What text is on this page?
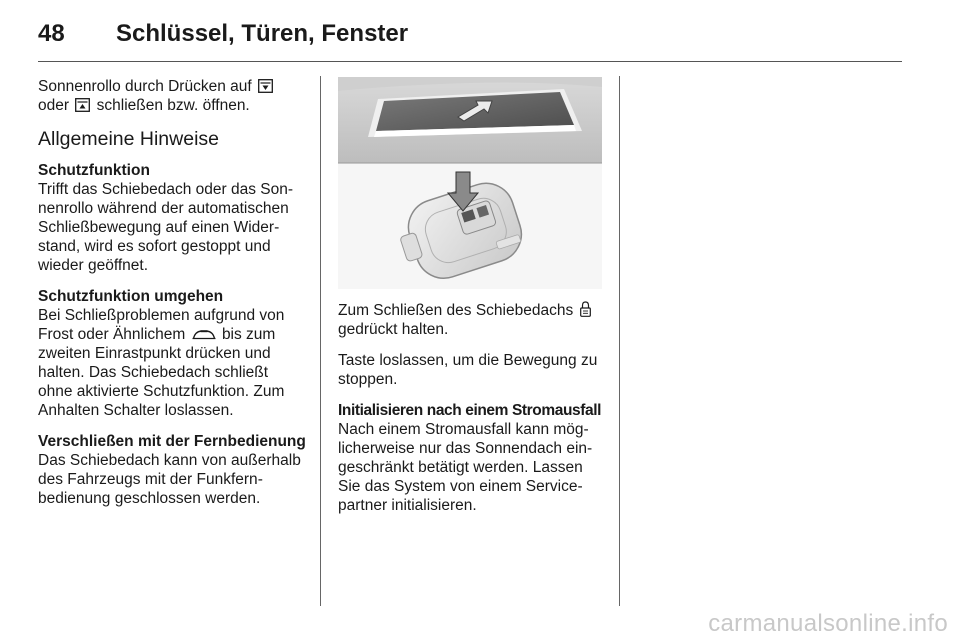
48 Schlüssel, Türen, Fenster

Sonnenrollo durch Drücken auf  oder schließen bzw. öffnen.

Allgemeine Hinweise

Schutzfunktion
Trifft das Schiebedach oder das Sonnenrollo während der automatischen Schließbewegung auf einen Widerstand, wird es sofort gestoppt und wieder geöffnet.

Schutzfunktion umgehen
Bei Schließproblemen aufgrund von Frost oder Ähnlichem bis zum zweiten Einrastpunkt drücken und halten. Das Schiebedach schließt ohne aktivierte Schutzfunktion. Zum Anhalten Schalter loslassen.

Verschließen mit der Fernbedienung
Das Schiebedach kann von außerhalb des Fahrzeugs mit der Funkfernbedienung geschlossen werden.

Zum Schließen des Schiebedachs  gedrückt halten.

Taste loslassen, um die Bewegung zu stoppen.

Initialisieren nach einem Stromausfall
Nach einem Stromausfall kann möglicherweise nur das Sonnendach eingeschränkt betätigt werden. Lassen Sie das System von einem Servicepartner initialisieren.

carmanualsonline.info
